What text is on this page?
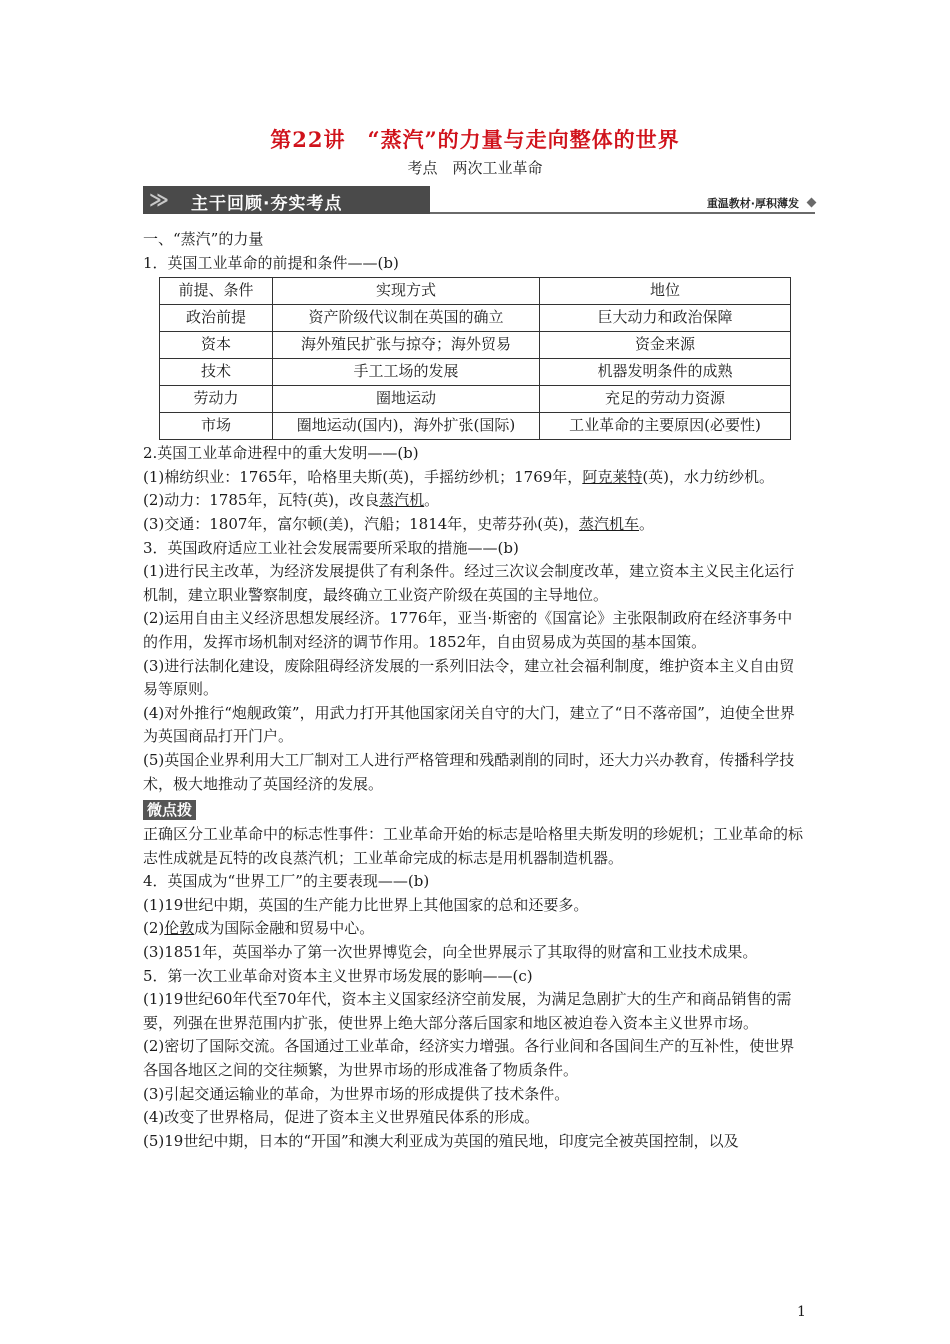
第22讲　“蒸汽”的力量与走向整体的世界
考点　两次工业革命
≫ 主干回顾·夯实考点	重温教材·厚积薄发

一、“蒸汽”的力量

1．英国工业革命的前提和条件——(b)

前提、条件	实现方式	地位
政治前提	资产阶级代议制在英国的确立	巨大动力和政治保障
资本	海外殖民扩张与掠夺；海外贸易	资金来源
技术	手工工场的发展	机器发明条件的成熟
劳动力	圈地运动	充足的劳动力资源
市场	圈地运动(国内)，海外扩张(国际)	工业革命的主要原因(必要性)

2.英国工业革命进程中的重大发明——(b)

(1)棉纺织业：1765年，哈格里夫斯(英)，手摇纺纱机；1769年，阿克莱特(英)，水力纺纱机。

(2)动力：1785年，瓦特(英)，改良蒸汽机。

(3)交通：1807年，富尔顿(美)，汽船；1814年，史蒂芬孙(英)，蒸汽机车。

3．英国政府适应工业社会发展需要所采取的措施——(b)

(1)进行民主改革，为经济发展提供了有利条件。经过三次议会制度改革，建立资本主义民主化运行机制，建立职业警察制度，最终确立工业资产阶级在英国的主导地位。

(2)运用自由主义经济思想发展经济。1776年，亚当·斯密的《国富论》主张限制政府在经济事务中的作用，发挥市场机制对经济的调节作用。1852年，自由贸易成为英国的基本国策。

(3)进行法制化建设，废除阻碍经济发展的一系列旧法令，建立社会福利制度，维护资本主义自由贸易等原则。

(4)对外推行“炮舰政策”，用武力打开其他国家闭关自守的大门，建立了“日不落帝国”，迫使全世界为英国商品打开门户。

(5)英国企业界利用大工厂制对工人进行严格管理和残酷剥削的同时，还大力兴办教育，传播科学技术，极大地推动了英国经济的发展。

微点拨

正确区分工业革命中的标志性事件：工业革命开始的标志是哈格里夫斯发明的珍妮机；工业革命的标志性成就是瓦特的改良蒸汽机；工业革命完成的标志是用机器制造机器。

4．英国成为“世界工厂”的主要表现——(b)

(1)19世纪中期，英国的生产能力比世界上其他国家的总和还要多。

(2)伦敦成为国际金融和贸易中心。

(3)1851年，英国举办了第一次世界博览会，向全世界展示了其取得的财富和工业技术成果。

5．第一次工业革命对资本主义世界市场发展的影响——(c)

(1)19世纪60年代至70年代，资本主义国家经济空前发展，为满足急剧扩大的生产和商品销售的需要，列强在世界范围内扩张，使世界上绝大部分落后国家和地区被迫卷入资本主义世界市场。

(2)密切了国际交流。各国通过工业革命，经济实力增强。各行业间和各国间生产的互补性，使世界各国各地区之间的交往频繁，为世界市场的形成准备了物质条件。

(3)引起交通运输业的革命，为世界市场的形成提供了技术条件。

(4)改变了世界格局，促进了资本主义世界殖民体系的形成。

(5)19世纪中期，日本的“开国”和澳大利亚成为英国的殖民地，印度完全被英国控制，以及

1
